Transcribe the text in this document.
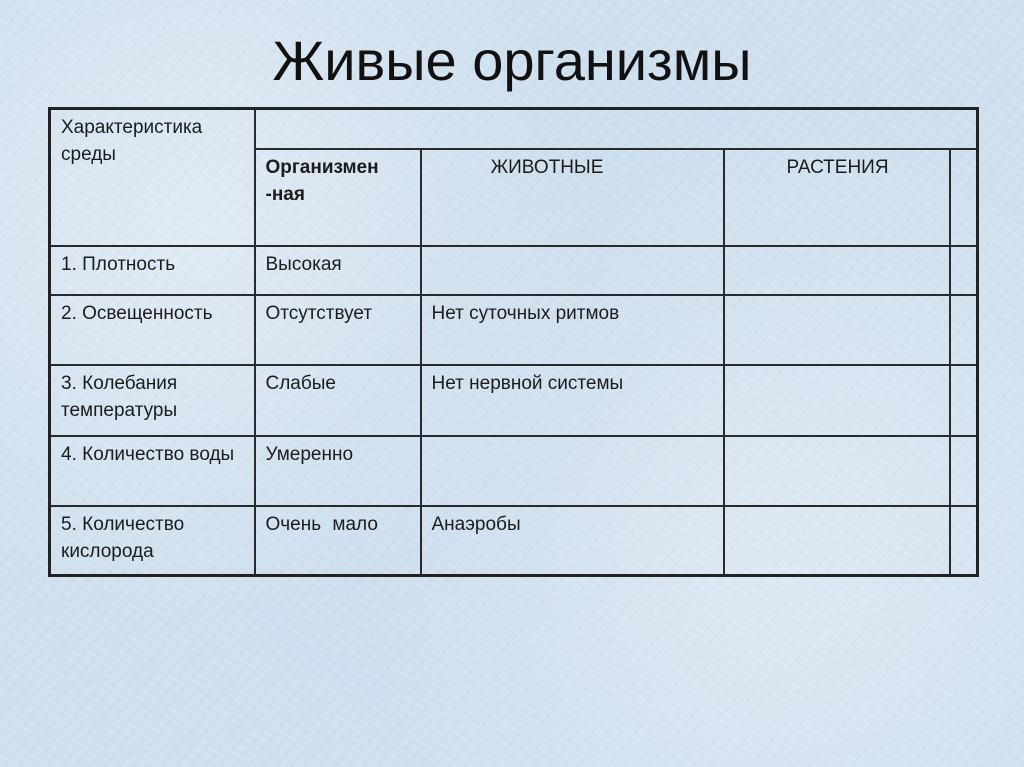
Живые организмы
Характеристика среды				
	Организмен -ная	ЖИВОТНЫЕ	РАСТЕНИЯ	
1. Плотность	Высокая			
2. Освещенность	Отсутствует	Нет суточных ритмов		
3. Колебания температуры	Слабые	Нет нервной системы		
4. Количество воды	Умеренно			
5. Количество кислорода	Очень мало	Анаэробы		
